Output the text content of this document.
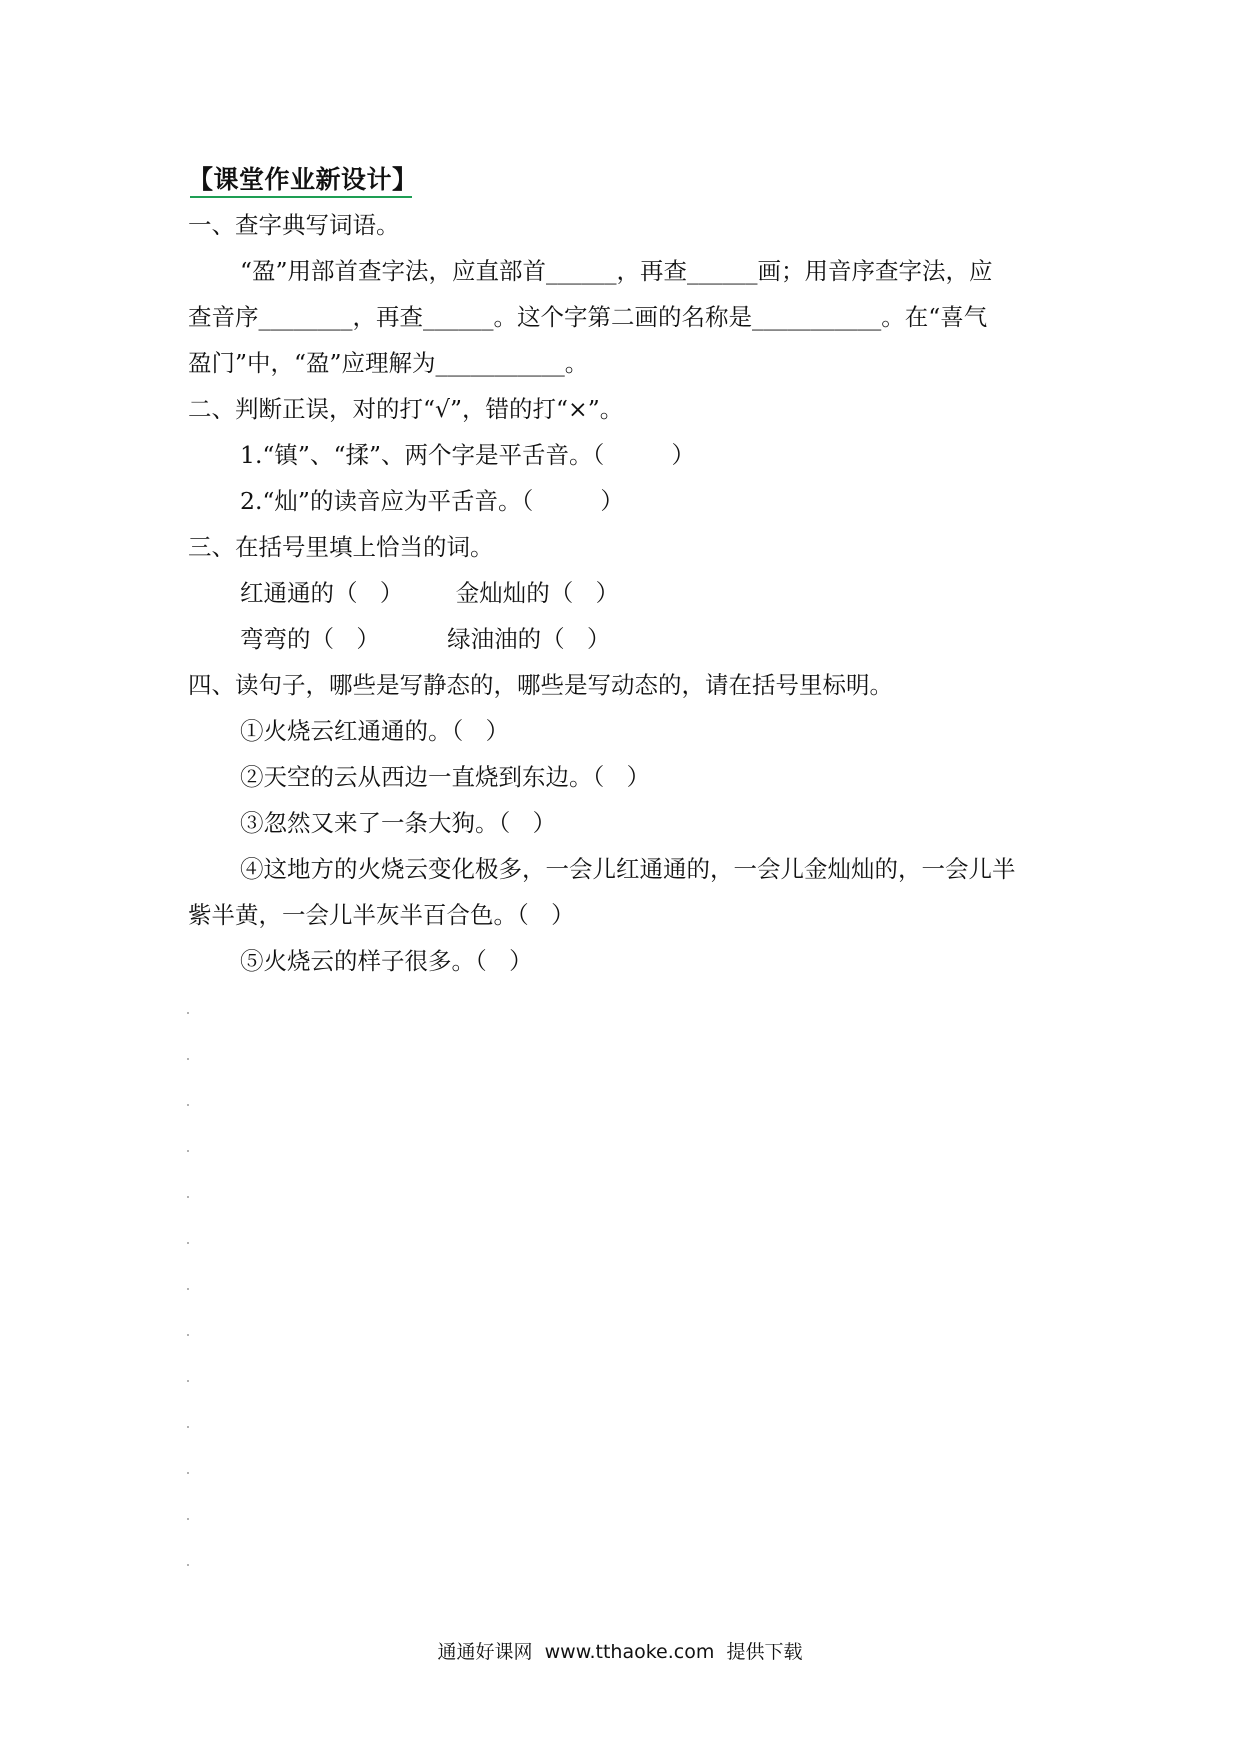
【课堂作业新设计】
一、查字典写词语。
“盈”用部首查字法，应直部首______，再查______画；用音序查字法，应
查音序________，再查______。这个字第二画的名称是___________。在“喜气
盈门”中，“盈”应理解为___________。
二、判断正误，对的打“√”，错的打“×”。
1.“镇”、“揉”、两个字是平舌音。（         ）
2.“灿”的读音应为平舌音。（         ）
三、在括号里填上恰当的词。
红通通的（   ）       金灿灿的（   ）
弯弯的（   ）         绿油油的（   ）
四、读句子，哪些是写静态的，哪些是写动态的，请在括号里标明。
①火烧云红通通的。（   ）
②天空的云从西边一直烧到东边。（   ）
③忽然又来了一条大狗。（   ）
④这地方的火烧云变化极多，一会儿红通通的，一会儿金灿灿的，一会儿半
紫半黄，一会儿半灰半百合色。（   ）
⑤火烧云的样子很多。（   ）
通通好课网  www.tthaoke.com  提供下载
